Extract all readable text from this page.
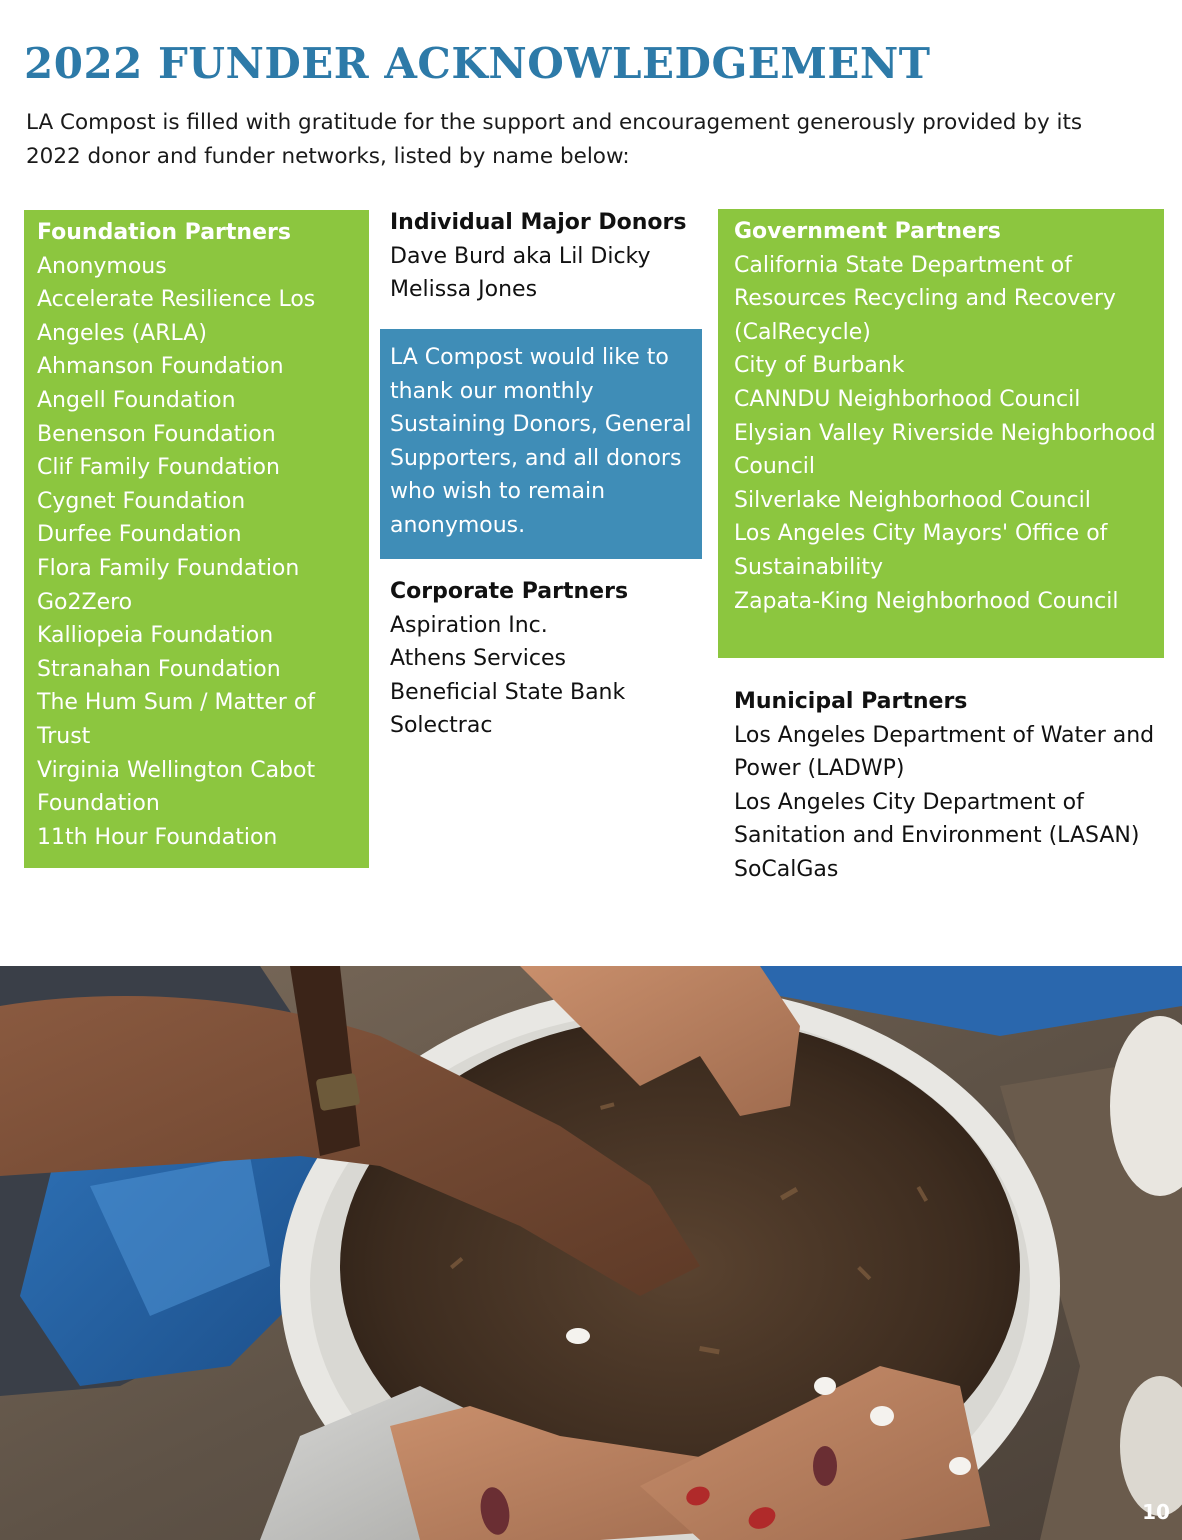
2022 FUNDER ACKNOWLEDGEMENT

LA Compost is filled with gratitude for the support and encouragement generously provided by its 2022 donor and funder networks, listed by name below:

Foundation Partners
Anonymous
Accelerate Resilience Los Angeles (ARLA)
Ahmanson Foundation
Angell Foundation
Benenson Foundation
Clif Family Foundation
Cygnet Foundation
Durfee Foundation
Flora Family Foundation
Go2Zero
Kalliopeia Foundation
Stranahan Foundation
The Hum Sum / Matter of Trust
Virginia Wellington Cabot Foundation
11th Hour Foundation
Individual Major Donors
Dave Burd aka Lil Dicky
Melissa Jones

LA Compost would like to thank our monthly Sustaining Donors, General Supporters, and all donors who wish to remain anonymous.

Corporate Partners
Aspiration Inc.
Athens Services
Beneficial State Bank
Solectrac
Government Partners
California State Department of Resources Recycling and Recovery (CalRecycle)
City of Burbank
CANNDU Neighborhood Council
Elysian Valley Riverside Neighborhood Council
Silverlake Neighborhood Council
Los Angeles City Mayors' Office of Sustainability
Zapata-King Neighborhood Council
Municipal Partners
Los Angeles Department of Water and Power (LADWP)
Los Angeles City Department of Sanitation and Environment (LASAN)
SoCalGas
10
